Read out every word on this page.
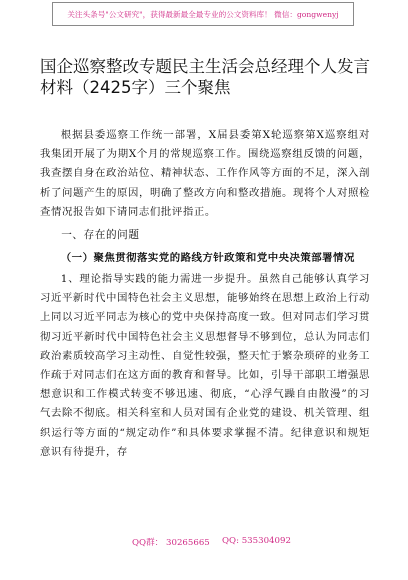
关注头条号"公文研究"，获得最新最全最专业的公文资料库！ 微信：gongwenyj
国企巡察整改专题民主生活会总经理个人发言材料（2425字）三个聚焦

根据县委巡察工作统一部署，X届县委第X轮巡察第X巡察组对我集团开展了为期X个月的常规巡察工作。围绕巡察组反馈的问题，我查摆自身在政治站位、精神状态、工作作风等方面的不足，深入剖析了问题产生的原因，明确了整改方向和整改措施。现将个人对照检查情况报告如下请同志们批评指正。

一、存在的问题
（一）聚焦贯彻落实党的路线方针政策和党中央决策部署情况

1、理论指导实践的能力需进一步提升。虽然自己能够认真学习习近平新时代中国特色社会主义思想，能够始终在思想上政治上行动上同以习近平同志为核心的党中央保持高度一致。但对同志们学习贯彻习近平新时代中国特色社会主义思想督导不够到位，总认为同志们政治素质较高学习主动性、自觉性较强，整天忙于繁杂琐碎的业务工作疏于对同志们在这方面的教育和督导。比如，引导干部职工增强思想意识和工作模式转变不够迅速、彻底，“心浮气躁自由散漫”的习气去除不彻底。相关科室和人员对国有企业党的建设、机关管理、组织运行等方面的“规定动作”和具体要求掌握不清。纪律意识和规矩意识有待提升，存

QQ群： 30265665 QQ: 535304092
